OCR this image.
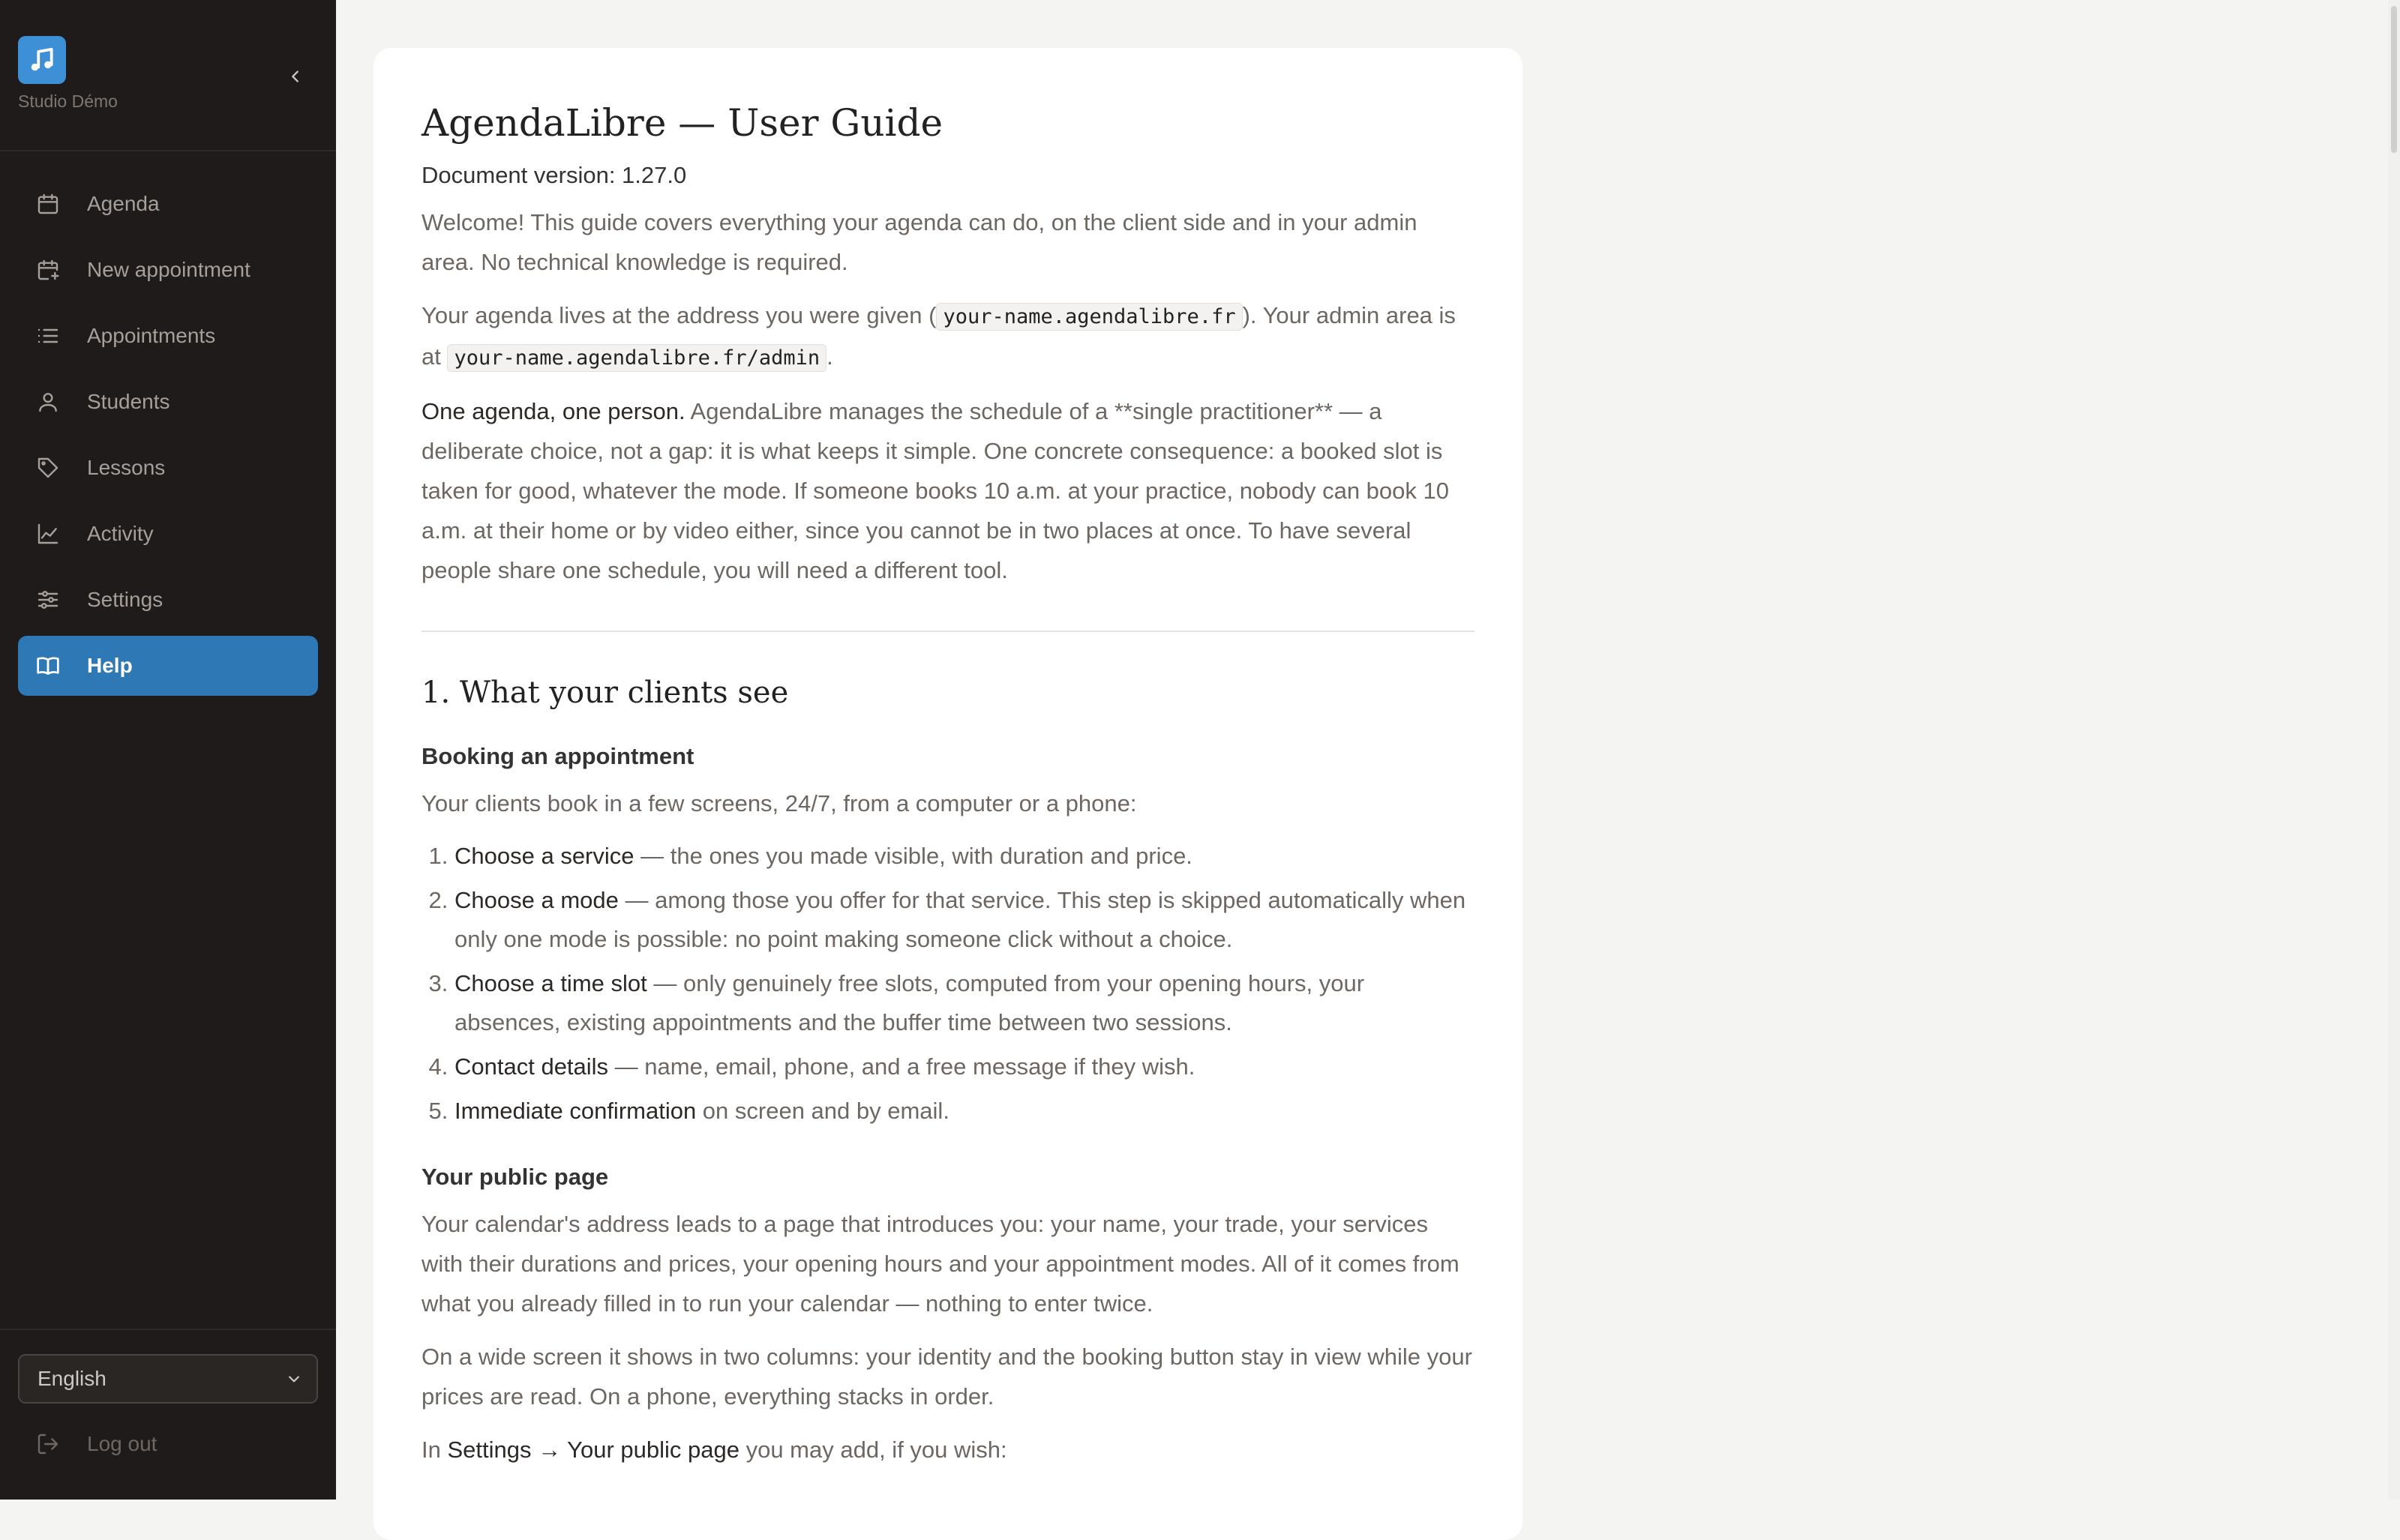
Studio Démo
Agenda
New appointment
Appointments
Students
Lessons
Activity
Settings
Help
English
Log out
AgendaLibre — User Guide
Document version: 1.27.0

Welcome! This guide covers everything your agenda can do, on the client side and in your admin area. No technical knowledge is required.

Your agenda lives at the address you were given ( your-name.agendalibre.fr ). Your admin area is at your-name.agendalibre.fr/admin .

One agenda, one person. AgendaLibre manages the schedule of a **single practitioner** — a deliberate choice, not a gap: it is what keeps it simple. One concrete consequence: a booked slot is taken for good, whatever the mode. If someone books 10 a.m. at your practice, nobody can book 10 a.m. at their home or by video either, since you cannot be in two places at once. To have several people share one schedule, you will need a different tool.

1. What your clients see
Booking an appointment

Your clients book in a few screens, 24/7, from a computer or a phone:

1. Choose a service — the ones you made visible, with duration and price.
2. Choose a mode — among those you offer for that service. This step is skipped automatically when only one mode is possible: no point making someone click without a choice.
3. Choose a time slot — only genuinely free slots, computed from your opening hours, your absences, existing appointments and the buffer time between two sessions.
4. Contact details — name, email, phone, and a free message if they wish.
5. Immediate confirmation on screen and by email.
Your public page

Your calendar's address leads to a page that introduces you: your name, your trade, your services with their durations and prices, your opening hours and your appointment modes. All of it comes from what you already filled in to run your calendar — nothing to enter twice.

On a wide screen it shows in two columns: your identity and the booking button stay in view while your prices are read. On a phone, everything stacks in order.

In Settings → Your public page you may add, if you wish:
